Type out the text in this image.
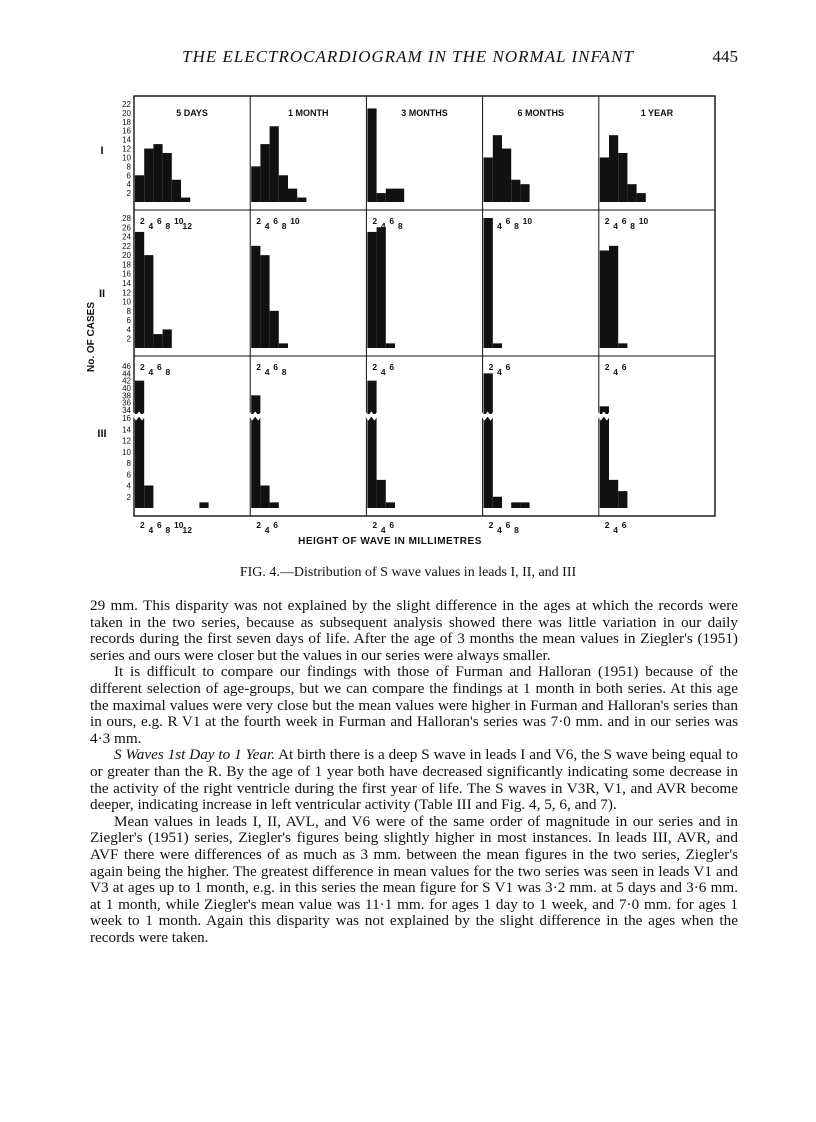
THE ELECTROCARDIOGRAM IN THE NORMAL INFANT	445
No. OF CASES
5 DAYS	1 MONTH	3 MONTHS	6 MONTHS	1 YEAR
I
II
III
22
20
18
16
14
12
10
8
6
4
2
28
26
24
22
20
18
16
14
12
10
8
6
4
2
46
44
42
40
38
36
34
16
14
12
10
8
6
4
2
2 4 6 8 10 12	2 4 6 8 10	2 4 6 8	2 4 6 8 10	2 4 6 8 10
2 4 6 8	2 4 6 8	2 4 6	2 4 6	2 4 6
2 4 6 8 10 12	2 4 6	2 4 6	2 4 6 8	2 4 6
HEIGHT OF WAVE IN MILLIMETRES
FIG. 4.—Distribution of S wave values in leads I, II, and III

29 mm. This disparity was not explained by the slight difference in the ages at which the records were taken in the two series, because as subsequent analysis showed there was little variation in our daily records during the first seven days of life. After the age of 3 months the mean values in Ziegler's (1951) series and ours were closer but the values in our series were always smaller.

It is difficult to compare our findings with those of Furman and Halloran (1951) because of the different selection of age-groups, but we can compare the findings at 1 month in both series. At this age the maximal values were very close but the mean values were higher in Furman and Halloran's series than in ours, e.g. R V1 at the fourth week in Furman and Halloran's series was 7·0 mm. and in our series was 4·3 mm.

S Waves 1st Day to 1 Year. At birth there is a deep S wave in leads I and V6, the S wave being equal to or greater than the R. By the age of 1 year both have decreased significantly indicating some decrease in the activity of the right ventricle during the first year of life. The S waves in V3R, V1, and AVR become deeper, indicating increase in left ventricular activity (Table III and Fig. 4, 5, 6, and 7).

Mean values in leads I, II, AVL, and V6 were of the same order of magnitude in our series and in Ziegler's (1951) series, Ziegler's figures being slightly higher in most instances. In leads III, AVR, and AVF there were differences of as much as 3 mm. between the mean figures in the two series, Ziegler's again being the higher. The greatest difference in mean values for the two series was seen in leads V1 and V3 at ages up to 1 month, e.g. in this series the mean figure for S V1 was 3·2 mm. at 5 days and 3·6 mm. at 1 month, while Ziegler's mean value was 11·1 mm. for ages 1 day to 1 week, and 7·0 mm. for ages 1 week to 1 month. Again this disparity was not explained by the slight difference in the ages when the records were taken.
